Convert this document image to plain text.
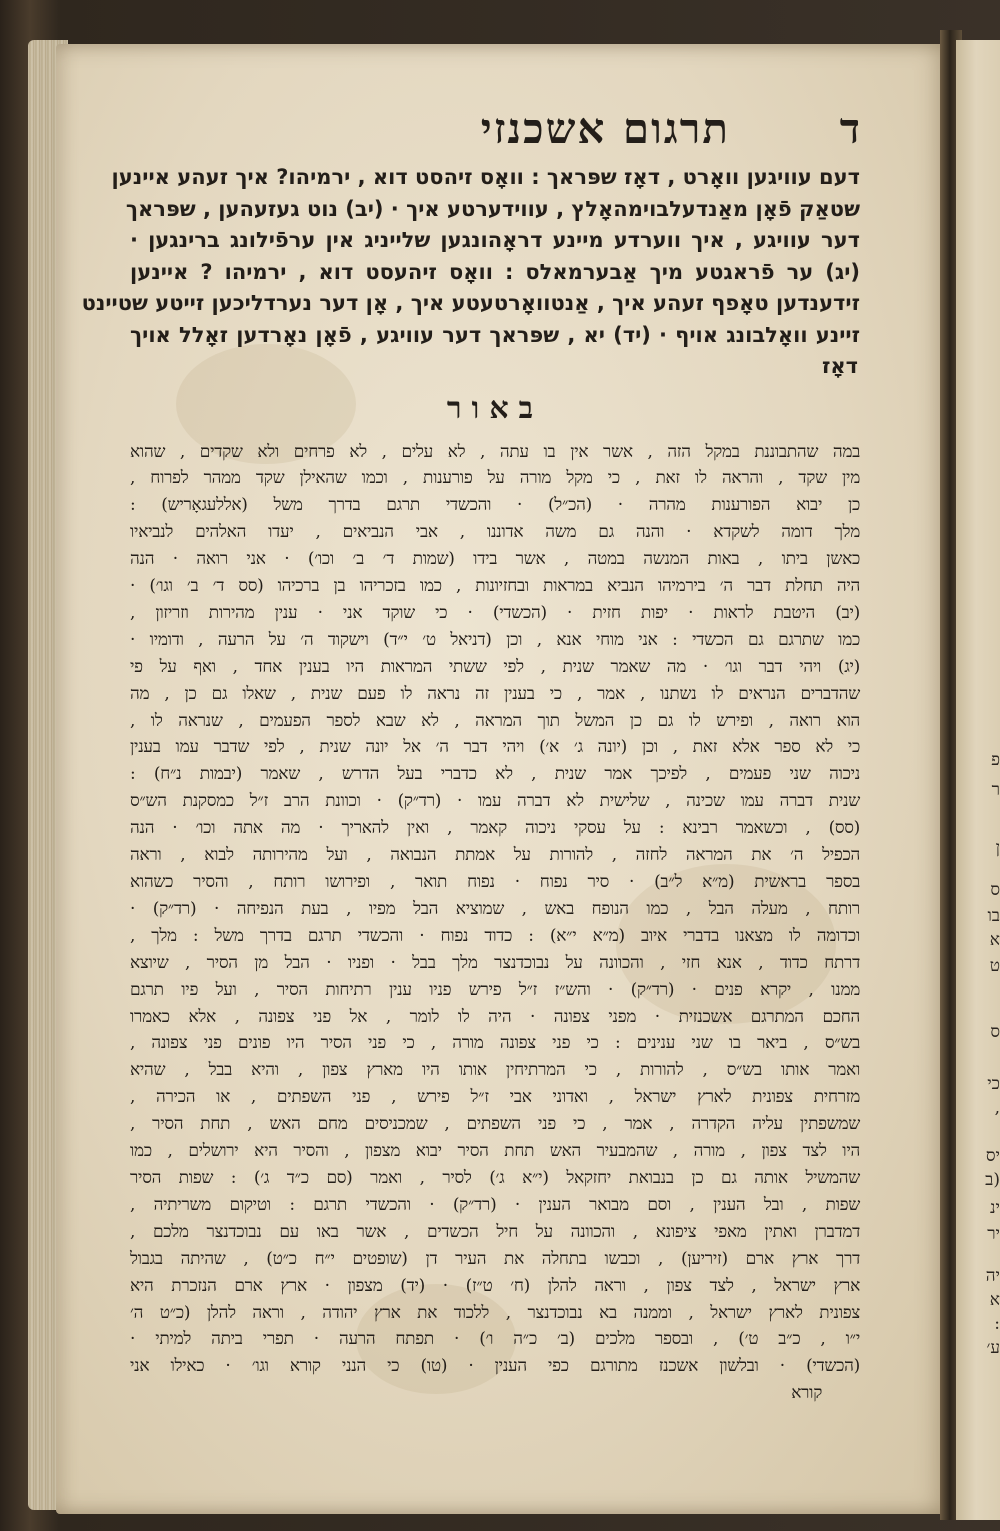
תרגום אשכנזי	ד
דעם עוויגען וואָרט , דאָז שפּראך : וואָס זיהסט דוא , ירמיהו? איך זעהע איינען
שטאַק פֿאָן מאַנדעלבוימהאָלץ , עווידערטע איך · (יב) נוט געזעהען , שפּראך
דער עוויגע , איך ווערדע מיינע דראָהונגען שלייניג אין ערפֿילונג ברינגען ·
(יג) ער פֿראגטע מיך אַבערמאלס : וואָס זיהעסט דוא , ירמיהו ? איינען
זידענדען טאָפף זעהע איך , אַנטוואָרטעטע איך , אָן דער נערדליכען זייטע שטיינט
זיינע וואָלבונג אויף · (יד) יא , שפּראך דער עוויגע , פֿאָן נאָרדען זאָלל אויך
דאָז
באור
במה שהתבוננת במקל הזה , אשר אין בו עתה , לא עלים , לא פרחים ולא שקדים , שהוא
מין שקד , והראה לו זאת , כי מקל מורה על פורענות , וכמו שהאילן שקד ממהר לפרוח ,
כן יבוא הפורענות מהרה · (הכ״ל) · והכשדי תרגם בדרך משל (אללעגאָריש) :
מלך דומה לשקדא · והנה גם משה אדוננו , אבי הנביאים , יעדו האלהים לנביאיו
כאשן ביתו , באות המנשה במטה , אשר בידו (שמות ד׳ ב׳ וכו׳) · אני רואה · הנה
היה תחלת דבר ה׳ בירמיהו הנביא במראות ובחזיונות , כמו בזכריהו בן ברכיהו (סס ד׳ ב׳ וגו׳) ·
(יב) היטבת לראות · יפות חזית · (הכשדי) · כי שוקד אני · ענין מהירות וזריזון ,
כמו שתרגם גם הכשדי : אני מוחי אנא , וכן (דניאל ט׳ י״ד) וישקוד ה׳ על הרעה , ודומיו ·
(יג) ויהי דבר וגו׳ · מה שאמר שנית , לפי ששתי המראות היו בענין אחד , ואף על פי
שהדברים הנראים לו נשתנו , אמר , כי בענין זה נראה לו פעם שנית , שאלו גם כן , מה
הוא רואה , ופירש לו גם כן המשל תוך המראה , לא שבא לספר הפעמים , שנראה לו ,
כי לא ספר אלא זאת , וכן (יונה ג׳ א׳) ויהי דבר ה׳ אל יונה שנית , לפי שדבר עמו בענין
ניכוה שני פעמים , לפיכך אמר שנית , לא כדברי בעל הדרש , שאמר (יבמות נ״ח) :
שנית דברה עמו שכינה , שלישית לא דברה עמו · (רד״ק) · וכוונת הרב ז״ל כמסקנת הש״ס
(סס) , וכשאמר רבינא : על עסקי ניכוה קאמר , ואין להאריך · מה אתה וכו׳ · הנה
הכפיל ה׳ את המראה לחזה , להורות על אמתת הנבואה , ועל מהירותה לבוא , וראה
בספר בראשית (מ״א ל״ב) · סיר נפוח · נפוח תואר , ופירושו רותח , והסיר כשהוא
רותח , מעלה הבל , כמו הנופח באש , שמוציא הבל מפיו , בעת הנפיחה · (רד״ק) ·
וכדומה לו מצאנו בדברי איוב (מ״א י״א) : כדוד נפוח · והכשדי תרגם בדרך משל : מלך ,
דרתח כדוד , אנא חזי , והכוונה על נבוכדנצר מלך בבל · ופניו · הבל מן הסיר , שיוצא
ממנו , יקרא פנים · (רד״ק) · והש״ז ז״ל פירש פניו ענין רתיחות הסיר , ועל פיו תרגם
החכם המתרגם אשכנזית · מפני צפונה · היה לו לומר , אל פני צפונה , אלא כאמרו
בש״ס , ביאר בו שני ענינים : כי פני צפונה מורה , כי פני הסיר היו פונים פני צפונה ,
ואמר אותו בש״ס , להורות , כי המרתיחין אותו היו מארץ צפון , והיא בבל , שהיא
מזרחית צפונית לארץ ישראל , ואדוני אבי ז״ל פירש , פני השפתים , או הכירה ,
שמשפתין עליה הקדרה , אמר , כי פני השפתים , שמכניסים מחם האש , תחת הסיר ,
היו לצד צפון , מורה , שהמבעיר האש תחת הסיר יבוא מצפון , והסיר היא ירושלים , כמו
שהמשיל אותה גם כן בנבואת יחזקאל (י״א ג׳) לסיר , ואמר (סם כ״ד ג׳) : שפות הסיר
שפות , ובל הענין , וסם מבואר הענין · (רד״ק) · והכשדי תרגם : וטיקום משריתיה ,
דמדברן ואתין מאפי ציפונא , והכוונה על חיל הכשדים , אשר באו עם נבוכדנצר מלכם ,
דרך ארץ ארם (זיריען) , וכבשו בתחלה את העיר דן (שופטים י״ח כ״ט) , שהיתה בגבול
ארץ ישראל , לצד צפון , וראה להלן (ח׳ ט״ז) · (יד) מצפון · ארץ ארם הנזכרת היא
צפונית לארץ ישראל , וממנה בא נבוכדנצר , ללכוד את ארץ יהודה , וראה להלן (כ״ט ה׳
י״ו , כ״ב ט׳) , ובספר מלכים (ב׳ כ״ה ו׳) · תפתח הרעה · תפרי ביתה למיתי ·
(הכשדי) · ובלשון אשכנז מתורגם כפי הענין · (טו) כי הנני קורא וגו׳ · כאילו אני
קורא
פ
ר
ן
ס
בו
א
ט
ס
כי
,
יס
ב)
ינ
יר
יה
א
:
ע׳
